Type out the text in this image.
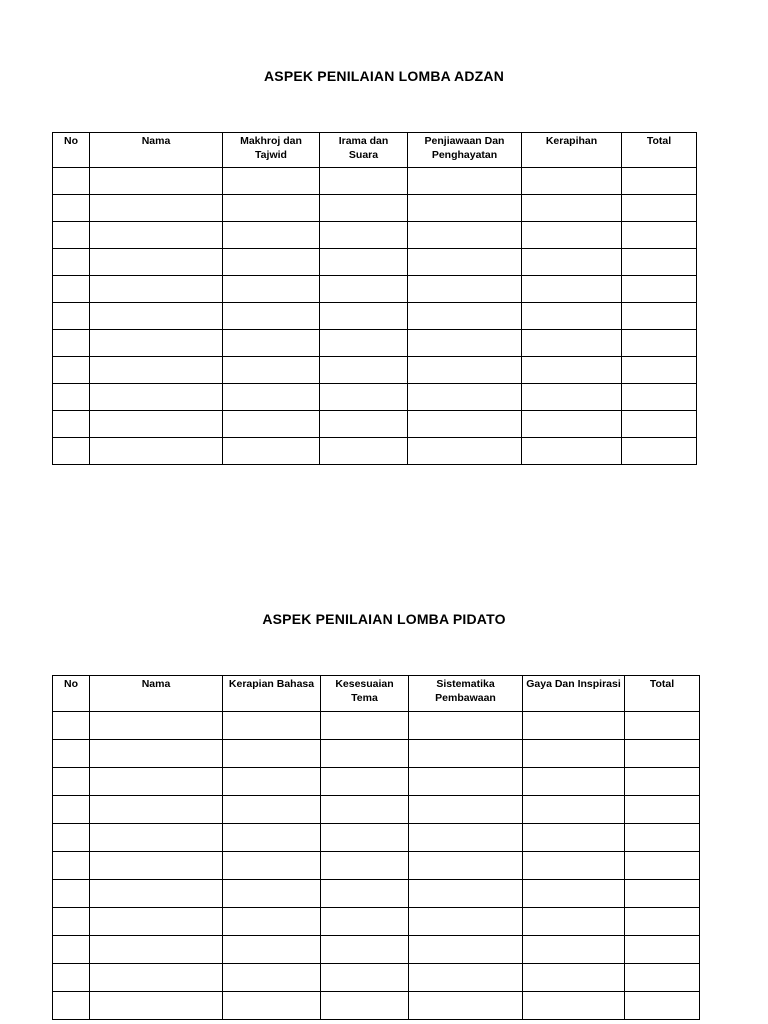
ASPEK PENILAIAN LOMBA ADZAN
No	Nama	Makhroj dan Tajwid	Irama dan Suara	Penjiawaan Dan Penghayatan	Kerapihan	Total

ASPEK PENILAIAN LOMBA PIDATO
No	Nama	Kerapian Bahasa	Kesesuaian Tema	Sistematika Pembawaan	Gaya Dan Inspirasi	Total
